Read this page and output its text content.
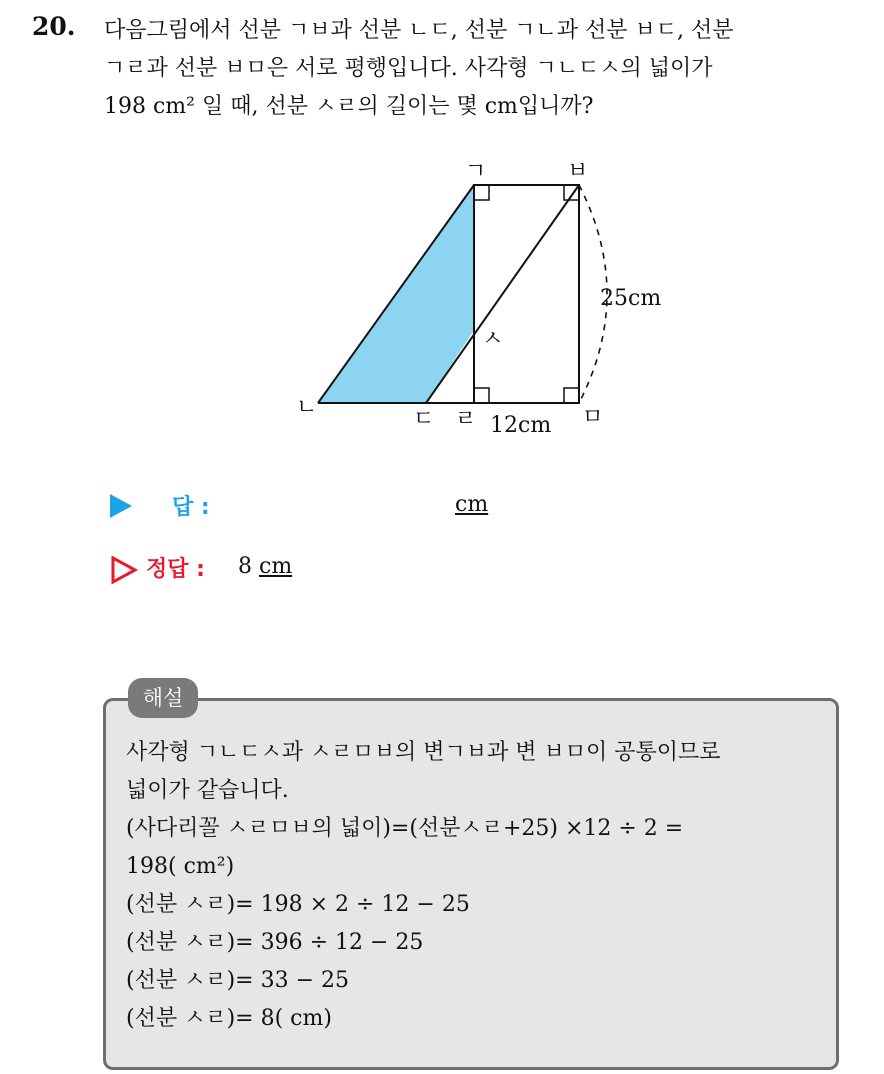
20. 다음그림에서 선분 ㄱㅂ과 선분 ㄴㄷ, 선분 ㄱㄴ과 선분 ㅂㄷ, 선분

ㄱㄹ과 선분 ㅂㅁ은 서로 평행입니다. 사각형 ㄱㄴㄷㅅ의 넓이가

198 cm² 일 때, 선분 ㅅㄹ의 길이는 몇 cm입니까?

ㄱ	ㅂ
ㅅ
ㄴ	ㄷ ㄹ	ㅁ
25cm
12cm
답 :	cm
정답 : 8 cm
해설

사각형 ㄱㄴㄷㅅ과 ㅅㄹㅁㅂ의 변ㄱㅂ과 변 ㅂㅁ이 공통이므로

넓이가 같습니다.

(사다리꼴 ㅅㄹㅁㅂ의 넓이)=(선분ㅅㄹ+25) ×12 ÷ 2 =

198( cm²)

(선분 ㅅㄹ)= 198 × 2 ÷ 12 − 25

(선분 ㅅㄹ)= 396 ÷ 12 − 25

(선분 ㅅㄹ)= 33 − 25

(선분 ㅅㄹ)= 8( cm)
